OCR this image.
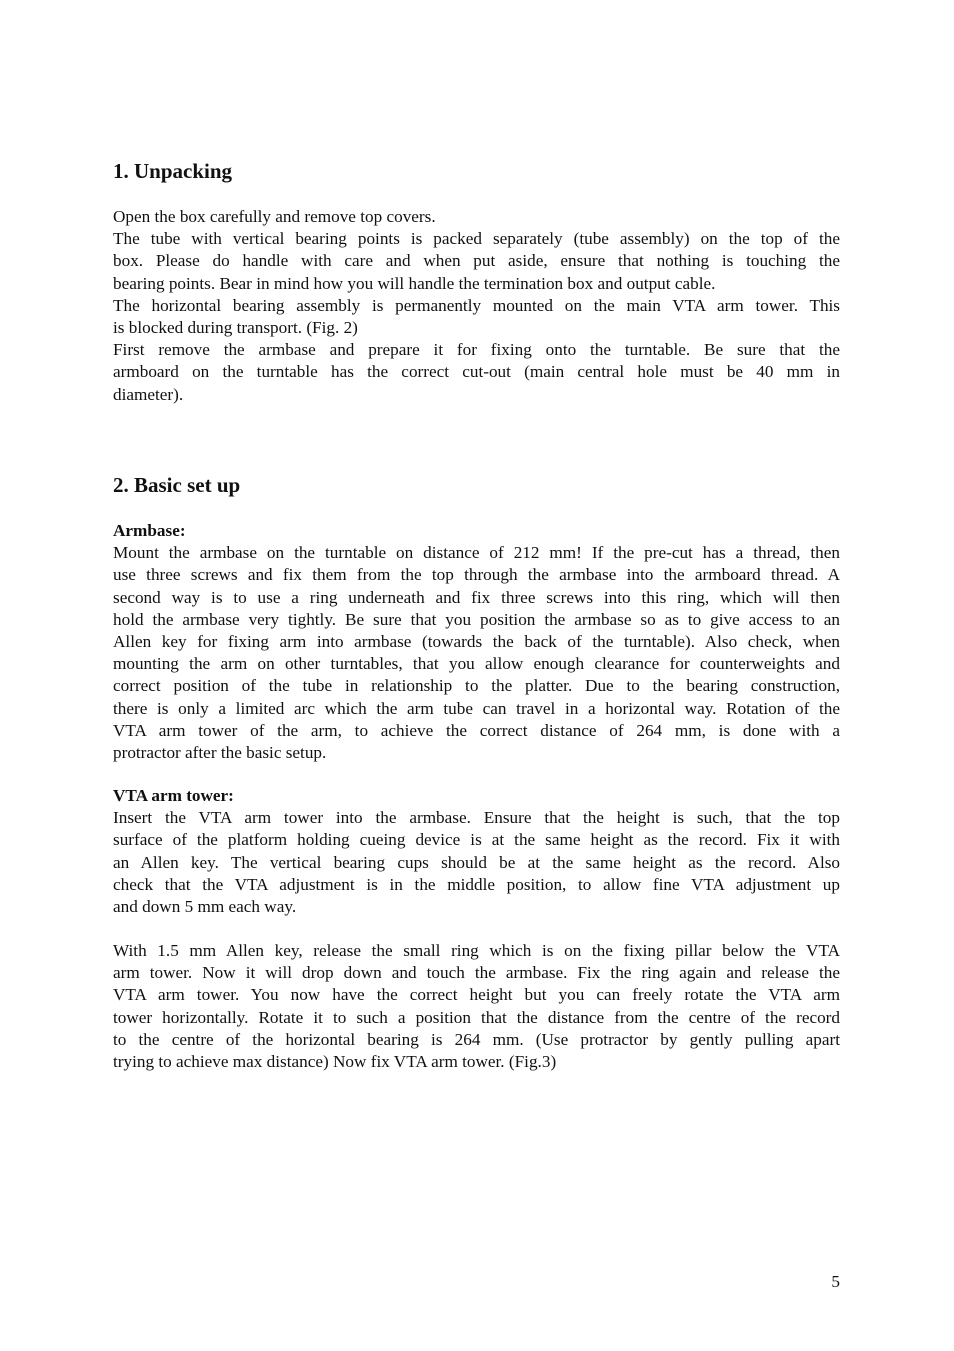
1. Unpacking
Open the box carefully and remove top covers.
The tube with vertical bearing points is packed separately (tube assembly) on the top of the
box. Please do handle with care and when put aside, ensure that nothing is touching the
bearing points. Bear in mind how you will handle the termination box and output cable.
The horizontal bearing assembly is permanently mounted on the main VTA arm tower. This
is blocked during transport. (Fig. 2)
First remove the armbase and prepare it for fixing onto the turntable. Be sure that the
armboard on the turntable has the correct cut-out (main central hole must be 40 mm in
diameter).
2. Basic set up
Armbase:
Mount the armbase on the turntable on distance of 212 mm! If the pre-cut has a thread, then
use three screws and fix them from the top through the armbase into the armboard thread. A
second way is to use a ring underneath and fix three screws into this ring, which will then
hold the armbase very tightly. Be sure that you position the armbase so as to give access to an
Allen key for fixing arm into armbase (towards the back of the turntable). Also check, when
mounting the arm on other turntables, that you allow enough clearance for counterweights and
correct position of the tube in relationship to the platter. Due to the bearing construction,
there is only a limited arc which the arm tube can travel in a horizontal way. Rotation of the
VTA arm tower of the arm, to achieve the correct distance of 264 mm, is done with a
protractor after the basic setup.
VTA arm tower:
Insert the VTA arm tower into the armbase. Ensure that the height is such, that the top
surface of the platform holding cueing device is at the same height as the record. Fix it with
an Allen key. The vertical bearing cups should be at the same height as the record. Also
check that the VTA adjustment is in the middle position, to allow fine VTA adjustment up
and down 5 mm each way.
With 1.5 mm Allen key, release the small ring which is on the fixing pillar below the VTA
arm tower. Now it will drop down and touch the armbase. Fix the ring again and release the
VTA arm tower. You now have the correct height but you can freely rotate the VTA arm
tower horizontally. Rotate it to such a position that the distance from the centre of the record
to the centre of the horizontal bearing is 264 mm. (Use protractor by gently pulling apart
trying to achieve max distance) Now fix VTA arm tower. (Fig.3)
5
